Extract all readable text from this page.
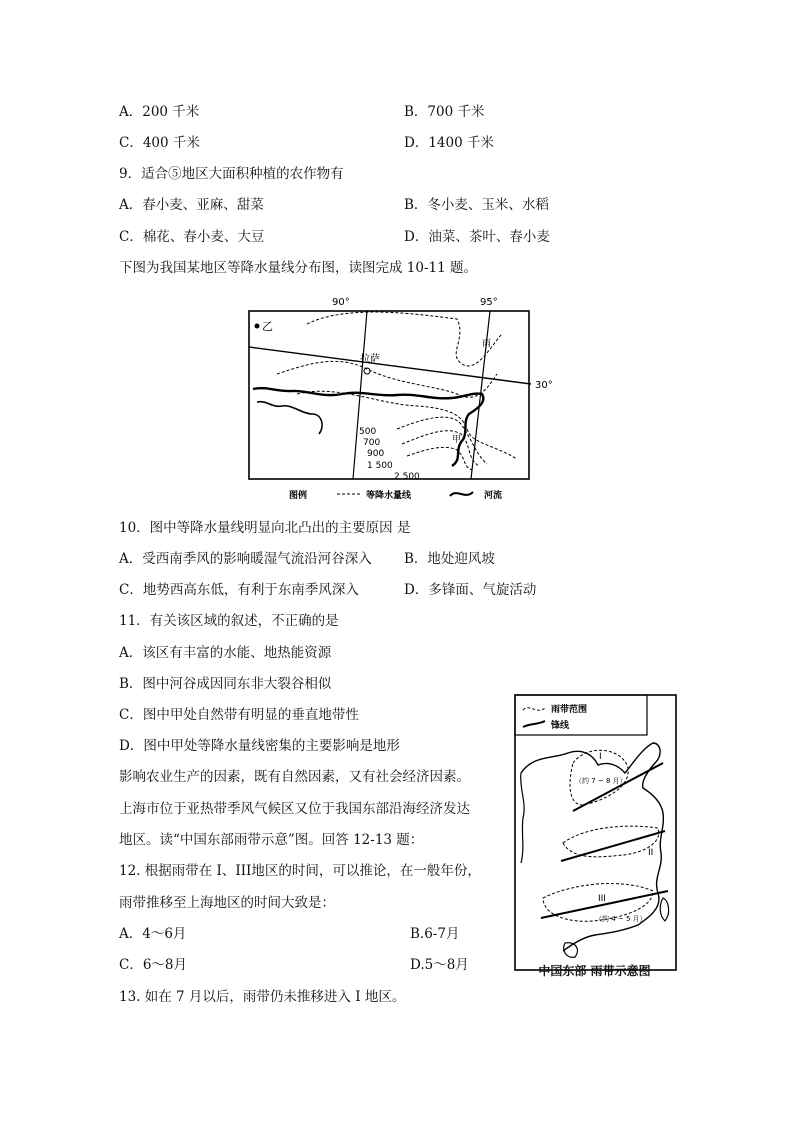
A．200 千米	B．700 千米
C．400 千米	D．1400 千米
9．适合⑤地区大面积种植的农作物有
A．春小麦、亚麻、甜菜	B．冬小麦、玉米、水稻
C．棉花、春小麦、大豆	D．油菜、茶叶、春小麦
下图为我国某地区等降水量线分布图，读图完成 10-11 题。
90°	95°
30°
乙
拉萨
雨
甲
500
700
900
1 500
2 500
图例	等降水量线	河流
10．图中等降水量线明显向北凸出的主要原因 是
A．受西南季风的影响暖湿气流沿河谷深入 B．地处迎风坡
C．地势西高东低，有利于东南季风深入	D．多锋面、气旋活动
11．有关该区域的叙述，不正确的是
A．该区有丰富的水能、地热能资源
B．图中河谷成因同东非大裂谷相似
C．图中甲处自然带有明显的垂直地带性
D．图中甲处等降水量线密集的主要影响是地形
影响农业生产的因素，既有自然因素，又有社会经济因素。
上海市位于亚热带季风气候区又位于我国东部沿海经济发达
地区。读“中国东部雨带示意”图。回答 12-13 题：
12. 根据雨带在 I、III地区的时间，可以推论，在一般年份，
雨带推移至上海地区的时间大致是：
A．4～6月	B.6-7月
C．6～8月	D.5～8月
雨带范围
锋线
I
（约 7 ~ 8 月）
II
III
（约 4 ~ 5 月）
中国东部 雨带示意图
13. 如在 7 月以后，雨带仍未推移进入 I 地区。
